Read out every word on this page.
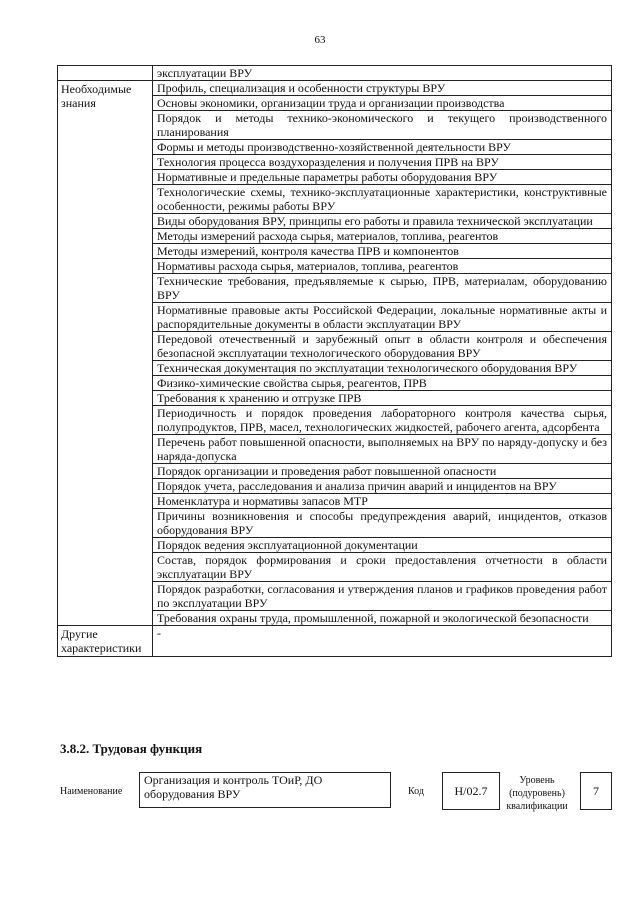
63
	эксплуатации ВРУ
Необходимые знания	Профиль, специализация и особенности структуры ВРУ
	Основы экономики, организации труда и организации производства
	Порядок и методы технико-экономического и текущего производственного планирования
	Формы и методы производственно-хозяйственной деятельности ВРУ
	Технология процесса воздухоразделения и получения ПРВ на ВРУ
	Нормативные и предельные параметры работы оборудования ВРУ
	Технологические схемы, технико-эксплуатационные характеристики, конструктивные особенности, режимы работы ВРУ
	Виды оборудования ВРУ, принципы его работы и правила технической эксплуатации
	Методы измерений расхода сырья, материалов, топлива, реагентов
	Методы измерений, контроля качества ПРВ и компонентов
	Нормативы расхода сырья, материалов, топлива, реагентов
	Технические требования, предъявляемые к сырью, ПРВ, материалам, оборудованию ВРУ
	Нормативные правовые акты Российской Федерации, локальные нормативные акты и распорядительные документы в области эксплуатации ВРУ
	Передовой отечественный и зарубежный опыт в области контроля и обеспечения безопасной эксплуатации технологического оборудования ВРУ
	Техническая документация по эксплуатации технологического оборудования ВРУ
	Физико-химические свойства сырья, реагентов, ПРВ
	Требования к хранению и отгрузке ПРВ
	Периодичность и порядок проведения лабораторного контроля качества сырья, полупродуктов, ПРВ, масел, технологических жидкостей, рабочего агента, адсорбента
	Перечень работ повышенной опасности, выполняемых на ВРУ по наряду-допуску и без наряда-допуска
	Порядок организации и проведения работ повышенной опасности
	Порядок учета, расследования и анализа причин аварий и инцидентов на ВРУ
	Номенклатура и нормативы запасов МТР
	Причины возникновения и способы предупреждения аварий, инцидентов, отказов оборудования ВРУ
	Порядок ведения эксплуатационной документации
	Состав, порядок формирования и сроки предоставления отчетности в области эксплуатации ВРУ
	Порядок разработки, согласования и утверждения планов и графиков проведения работ по эксплуатации ВРУ
	Требования охраны труда, промышленной, пожарной и экологической безопасности
Другие характеристики	-
3.8.2. Трудовая функция
Наименование
Организация и контроль ТОиР, ДО оборудования ВРУ	Код	Н/02.7
Уровень (подуровень) квалификации
7
